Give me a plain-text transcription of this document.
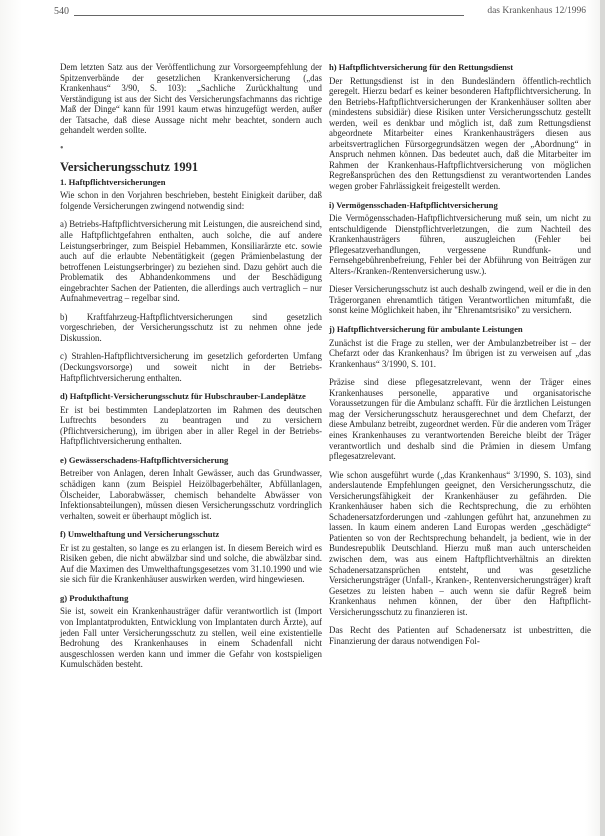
540	das Krankenhaus 12/1996

Dem letzten Satz aus der Veröffentlichung zur Vorsorgeempfehlung der Spitzenverbände der gesetzlichen Krankenversicherung („das Krankenhaus“ 3/90, S. 103): „Sachliche Zurückhaltung und Verständigung ist aus der Sicht des Versicherungsfachmanns das richtige Maß der Dinge“ kann für 1991 kaum etwas hinzugefügt werden, außer der Tatsache, daß diese Aussage nicht mehr beachtet, sondern auch gehandelt werden sollte.

•

Versicherungsschutz 1991

1. Haftpflichtversicherungen

Wie schon in den Vorjahren beschrieben, besteht Einigkeit darüber, daß folgende Versicherungen zwingend notwendig sind:

a) Betriebs-Haftpflichtversicherung mit Leistungen, die ausreichend sind, alle Haftpflichtgefahren enthalten, auch solche, die auf andere Leistungserbringer, zum Beispiel Hebammen, Konsiliarärzte etc. sowie auch auf die erlaubte Nebentätigkeit (gegen Prämienbelastung der betroffenen Leistungserbringer) zu beziehen sind. Dazu gehört auch die Problematik des Abhandenkommens und der Beschädigung eingebrachter Sachen der Patienten, die allerdings auch vertraglich – nur Aufnahmevertrag – regelbar sind.

b) Kraftfahrzeug-Haftpflichtversicherungen sind gesetzlich vorgeschrieben, der Versicherungsschutz ist zu nehmen ohne jede Diskussion.

c) Strahlen-Haftpflichtversicherung im gesetzlich geforderten Umfang (Deckungsvorsorge) und soweit nicht in der Betriebs-Haftpflichtversicherung enthalten.

d) Haftpflicht-Versicherungsschutz für Hubschrauber-Landeplätze

Er ist bei bestimmten Landeplatzorten im Rahmen des deutschen Luftrechts besonders zu beantragen und zu versichern (Pflichtversicherung), im übrigen aber in aller Regel in der Betriebs-Haftpflichtversicherung enthalten.

e) Gewässerschadens-Haftpflichtversicherung

Betreiber von Anlagen, deren Inhalt Gewässer, auch das Grundwasser, schädigen kann (zum Beispiel Heizölbagerbehälter, Abfüllanlagen, Ölscheider, Laborabwässer, chemisch behandelte Abwässer von Infektionsabteilungen), müssen diesen Versicherungsschutz vordringlich verhalten, soweit er überhaupt möglich ist.

f) Umwelthaftung und Versicherungsschutz

Er ist zu gestalten, so lange es zu erlangen ist. In diesem Bereich wird es Risiken geben, die nicht abwälzbar sind und solche, die abwälzbar sind. Auf die Maximen des Umwelthaftungsgesetzes vom 31.10.1990 und wie sie sich für die Krankenhäuser auswirken werden, wird hingewiesen.

g) Produkthaftung

Sie ist, soweit ein Krankenhausträger dafür verantwortlich ist (Import von Implantatprodukten, Entwicklung von Implantaten durch Ärzte), auf jeden Fall unter Versicherungsschutz zu stellen, weil eine existentielle Bedrohung des Krankenhauses in einem Schadenfall nicht ausgeschlossen werden kann und immer die Gefahr von kostspieligen Kumulschäden besteht.

h) Haftpflichtversicherung für den Rettungsdienst

Der Rettungsdienst ist in den Bundesländern öffentlich-rechtlich geregelt. Hierzu bedarf es keiner besonderen Haftpflichtversicherung. In den Betriebs-Haftpflichtversicherungen der Krankenhäuser sollten aber (mindestens subsidiär) diese Risiken unter Versicherungsschutz gestellt werden, weil es denkbar und möglich ist, daß zum Rettungsdienst abgeordnete Mitarbeiter eines Krankenhausträgers diesen aus arbeitsvertraglichen Fürsorgegrundsätzen wegen der „Abordnung“ in Anspruch nehmen können. Das bedeutet auch, daß die Mitarbeiter im Rahmen der Krankenhaus-Haftpflichtversicherung von möglichen Regreßansprüchen des den Rettungsdienst zu verantwortenden Landes wegen grober Fahrlässigkeit freigestellt werden.

i) Vermögensschaden-Haftpflichtversicherung

Die Vermögensschaden-Haftpflichtversicherung muß sein, um nicht zu entschuldigende Dienstpflichtverletzungen, die zum Nachteil des Krankenhausträgers führen, auszugleichen (Fehler bei Pflegesatzverhandlungen, vergessene Rundfunk- und Fernsehgebührenbefreiung, Fehler bei der Abführung von Beiträgen zur Alters-/Kranken-/Rentenversicherung usw.).

Dieser Versicherungsschutz ist auch deshalb zwingend, weil er die in den Trägerorganen ehrenamtlich tätigen Verantwortlichen mitumfaßt, die sonst keine Möglichkeit haben, ihr "Ehrenamtsrisiko" zu versichern.

j) Haftpflichtversicherung für ambulante Leistungen

Zunächst ist die Frage zu stellen, wer der Ambulanzbetreiber ist – der Chefarzt oder das Krankenhaus? Im übrigen ist zu verweisen auf „das Krankenhaus“ 3/1990, S. 101.

Präzise sind diese pflegesatzrelevant, wenn der Träger eines Krankenhauses personelle, apparative und organisatorische Voraussetzungen für die Ambulanz schafft. Für die ärztlichen Leistungen mag der Versicherungsschutz herausgerechnet und dem Chefarzt, der diese Ambulanz betreibt, zugeordnet werden. Für die anderen vom Träger eines Krankenhauses zu verantwortenden Bereiche bleibt der Träger verantwortlich und deshalb sind die Prämien in diesem Umfang pflegesatzrelevant.

Wie schon ausgeführt wurde („das Krankenhaus“ 3/1990, S. 103), sind anderslautende Empfehlungen geeignet, den Versicherungsschutz, die Versicherungsfähigkeit der Krankenhäuser zu gefährden. Die Krankenhäuser haben sich die Rechtsprechung, die zu erhöhten Schadenersatzforderungen und -zahlungen geführt hat, anzunehmen zu lassen. In kaum einem anderen Land Europas werden „geschädigte“ Patienten so von der Rechtsprechung behandelt, ja bedient, wie in der Bundesrepublik Deutschland. Hierzu muß man auch unterscheiden zwischen dem, was aus einem Haftpflichtverhältnis an direkten Schadenersatzansprüchen entsteht, und was gesetzliche Versicherungsträger (Unfall-, Kranken-, Rentenversicherungsträger) kraft Gesetzes zu leisten haben – auch wenn sie dafür Regreß beim Krankenhaus nehmen können, der über den Haftpflicht-Versicherungsschutz zu finanzieren ist.

Das Recht des Patienten auf Schadenersatz ist unbestritten, die Finanzierung der daraus notwendigen Fol-
